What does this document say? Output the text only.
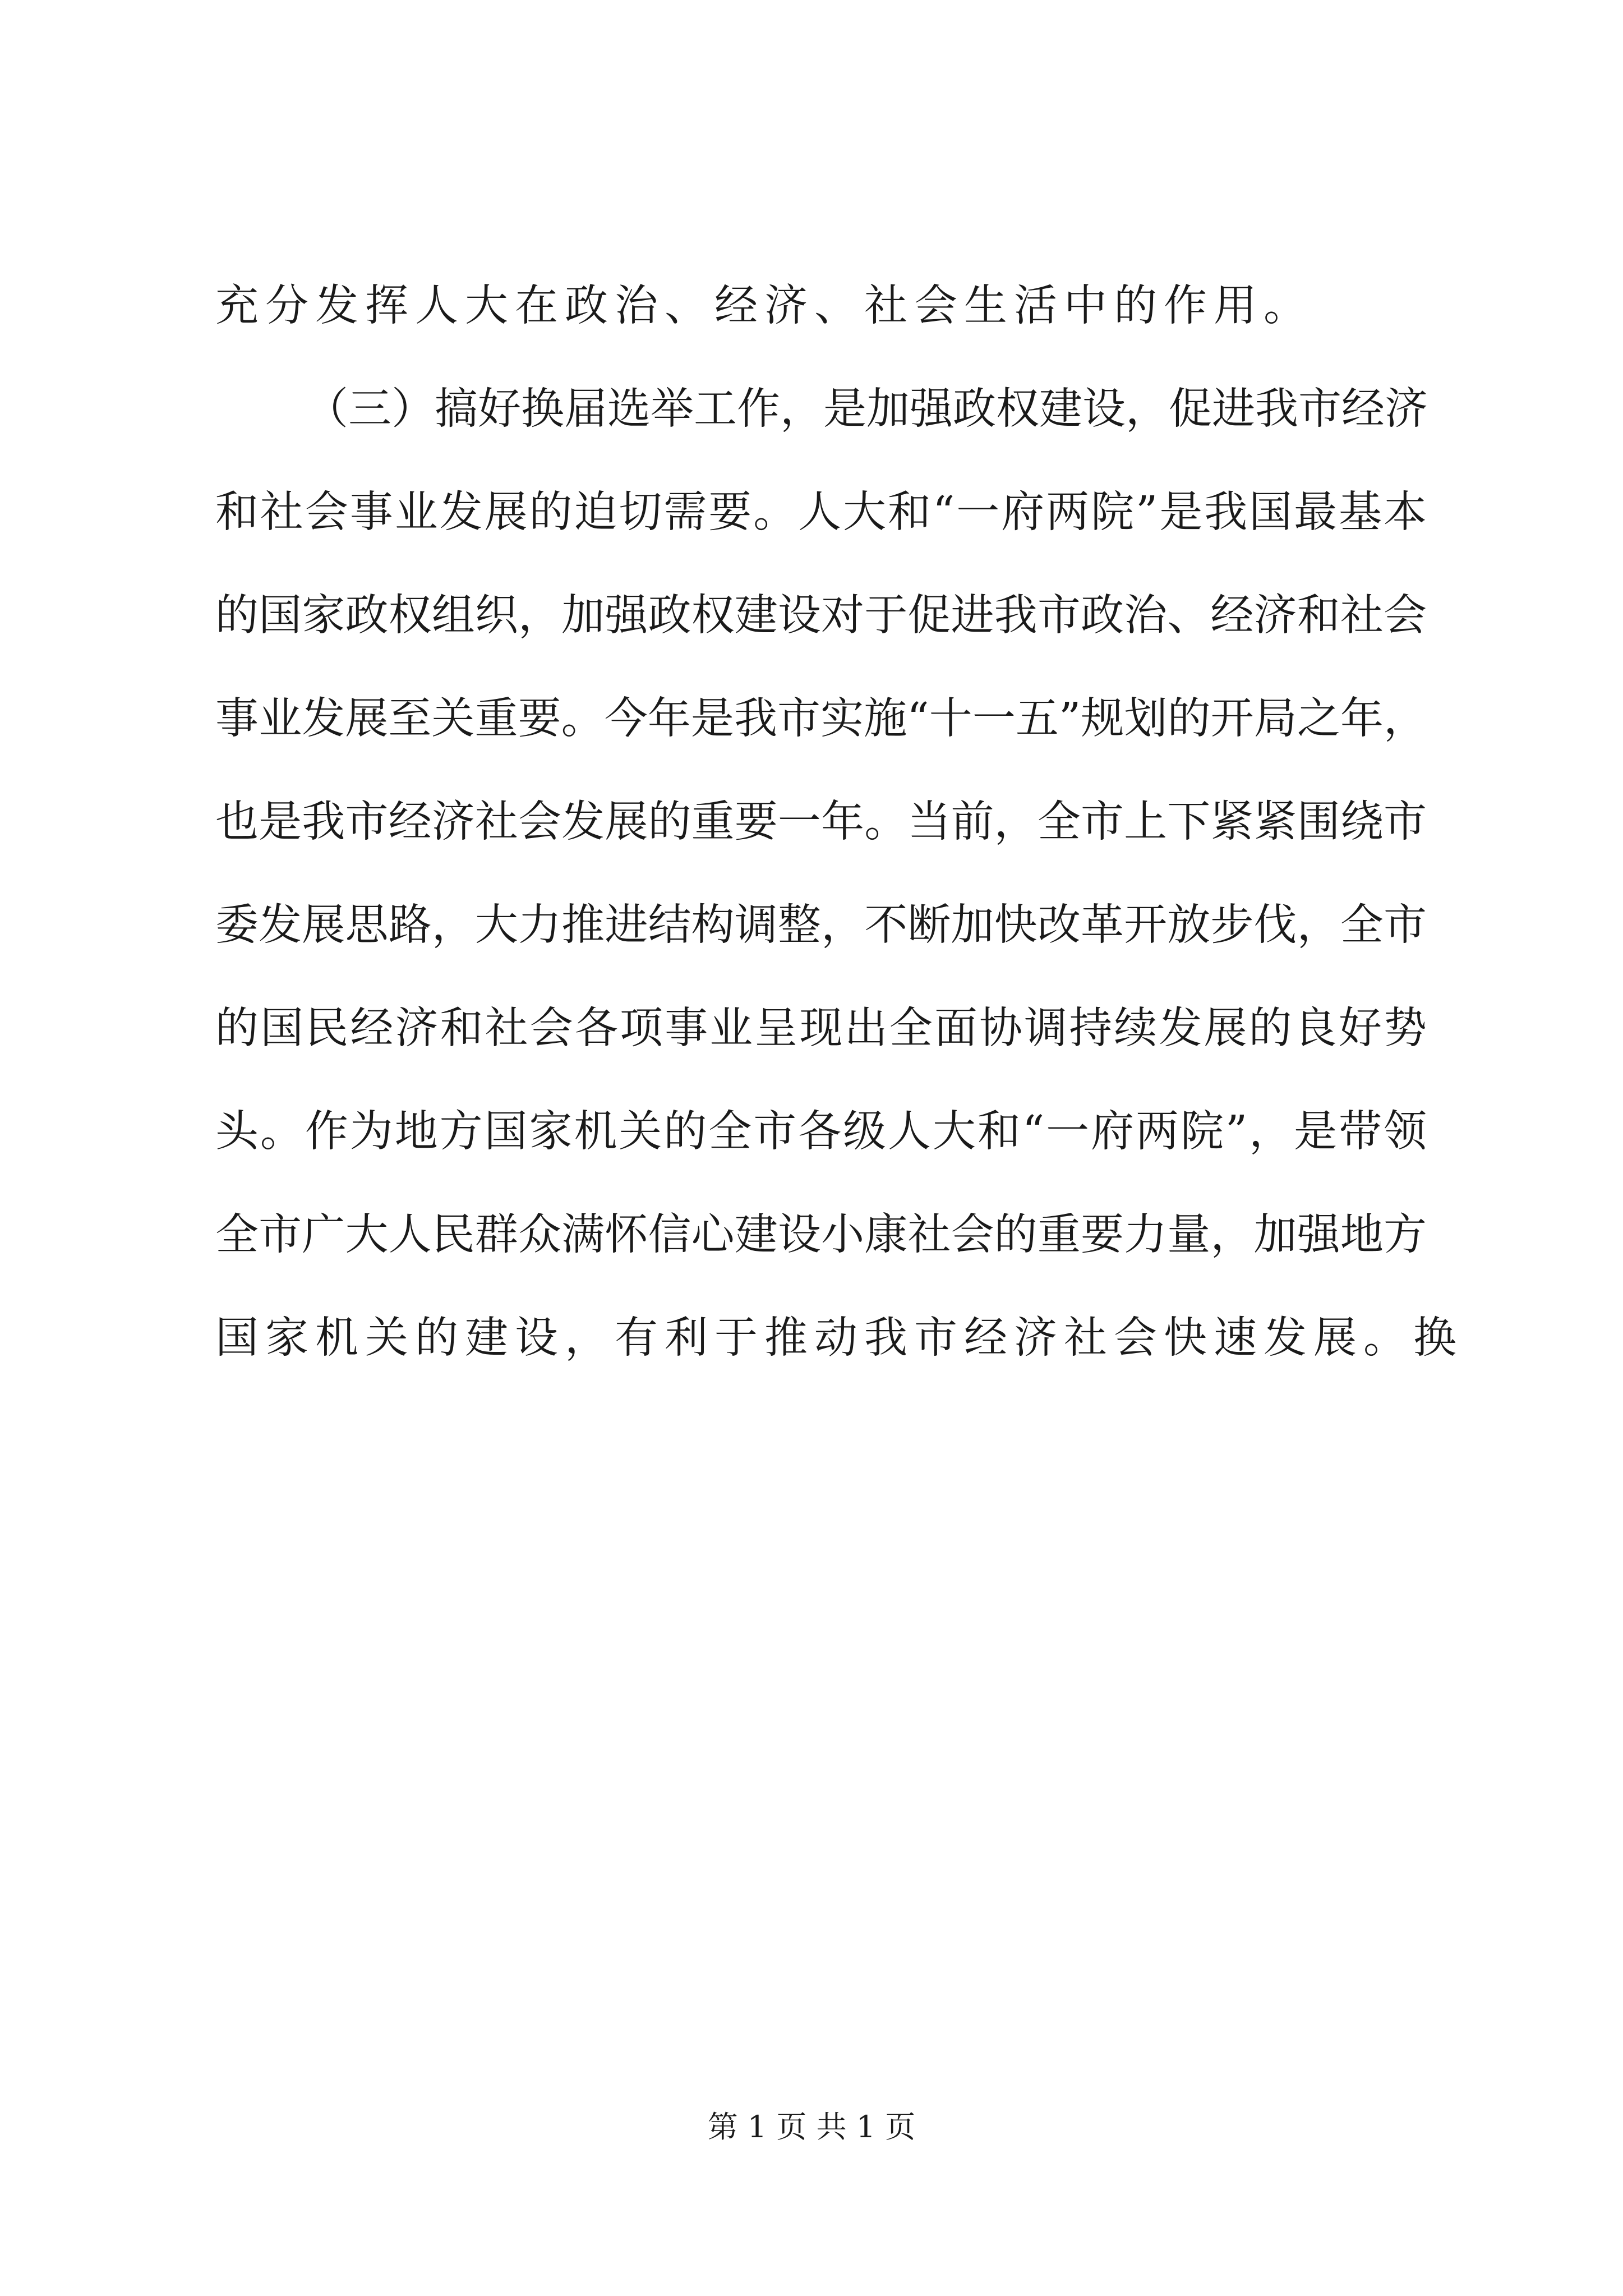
充分发挥人大在政治、经济、社会生活中的作用。
（三）搞好换届选举工作，是加强政权建设，促进我市经济
和社会事业发展的迫切需要。人大和“一府两院”是我国最基本
的国家政权组织，加强政权建设对于促进我市政治、经济和社会
事业发展至关重要。今年是我市实施“十一五”规划的开局之年，
也是我市经济社会发展的重要一年。当前，全市上下紧紧围绕市
委发展思路，大力推进结构调整，不断加快改革开放步伐，全市
的国民经济和社会各项事业呈现出全面协调持续发展的良好势
头。作为地方国家机关的全市各级人大和“一府两院”，是带领
全市广大人民群众满怀信心建设小康社会的重要力量，加强地方
国家机关的建设，有利于推动我市经济社会快速发展。换
第 1 页 共 1 页
